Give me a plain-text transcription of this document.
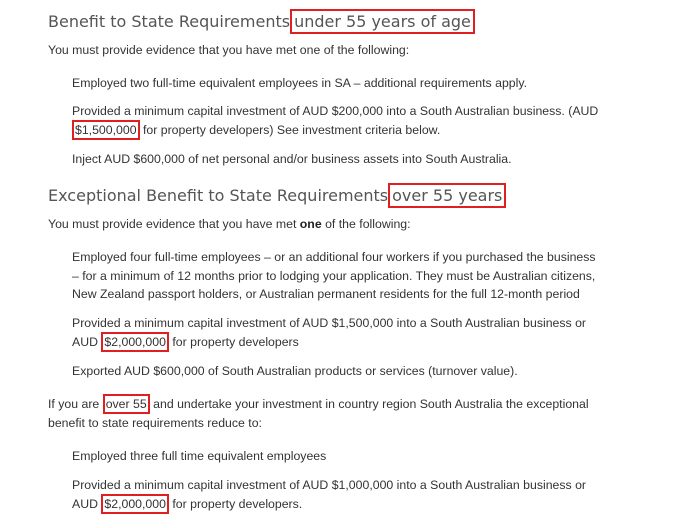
Benefit to State Requirements under 55 years of age

You must provide evidence that you have met one of the following:

Employed two full-time equivalent employees in SA – additional requirements apply.

Provided a minimum capital investment of AUD $200,000 into a South Australian business. (AUD $1,500,000 for property developers) See investment criteria below.

Inject AUD $600,000 of net personal and/or business assets into South Australia.

Exceptional Benefit to State Requirements over 55 years

You must provide evidence that you have met one of the following:

Employed four full-time employees – or an additional four workers if you purchased the business – for a minimum of 12 months prior to lodging your application. They must be Australian citizens, New Zealand passport holders, or Australian permanent residents for the full 12-month period

Provided a minimum capital investment of AUD $1,500,000 into a South Australian business or AUD $2,000,000 for property developers

Exported AUD $600,000 of South Australian products or services (turnover value).

If you are over 55 and undertake your investment in country region South Australia the exceptional benefit to state requirements reduce to:

Employed three full time equivalent employees

Provided a minimum capital investment of AUD $1,000,000 into a South Australian business or AUD $2,000,000 for property developers.
